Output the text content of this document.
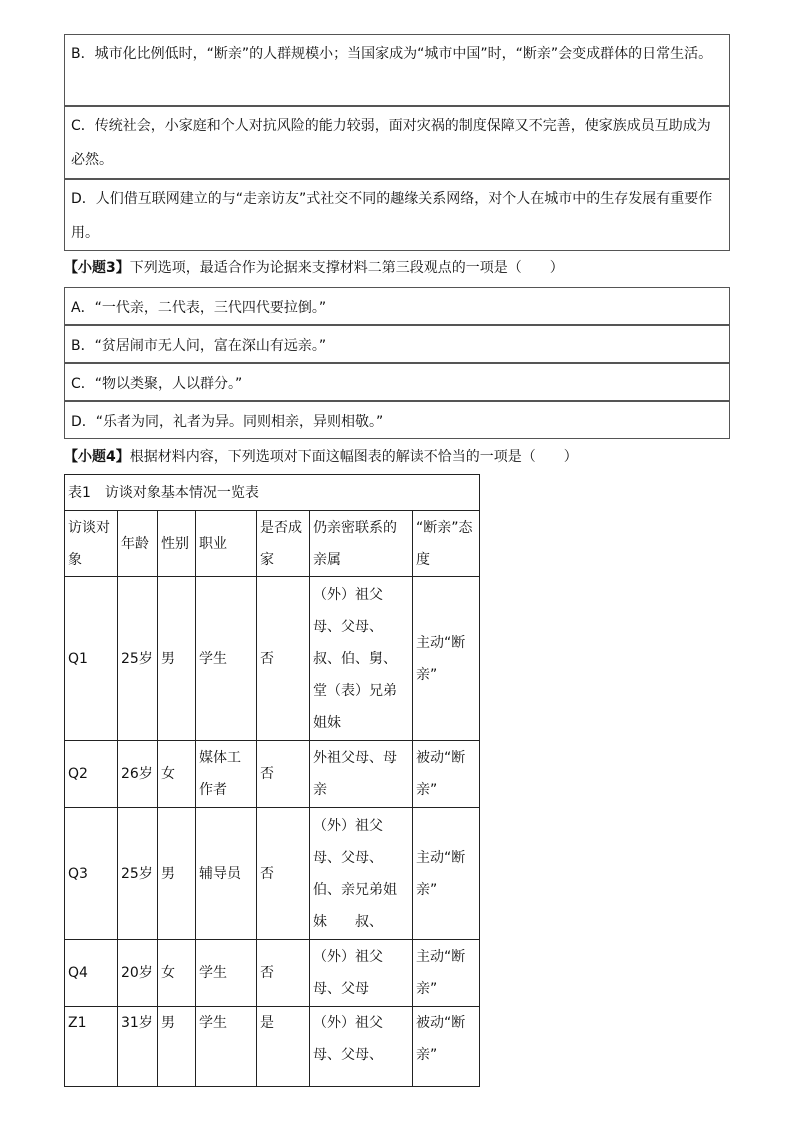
B．城市化比例低时，“断亲”的人群规模小；当国家成为“城市中国”时，“断亲”会变成群体的日常生活。
C．传统社会，小家庭和个人对抗风险的能力较弱，面对灾祸的制度保障又不完善，使家族成员互助成为必然。
D．人们借互联网建立的与“走亲访友”式社交不同的趣缘关系网络，对个人在城市中的生存发展有重要作用。
【小题3】下列选项，最适合作为论据来支撑材料二第三段观点的一项是（　　）
A．“一代亲，二代表，三代四代要拉倒。”
B．“贫居闹市无人问，富在深山有远亲。”
C．“物以类聚，人以群分。”
D．“乐者为同，礼者为异。同则相亲，异则相敬。”
【小题4】根据材料内容，下列选项对下面这幅图表的解读不恰当的一项是（　　）
表1　访谈对象基本情况一览表						
访谈对象	年龄	性别	职业	是否成家	仍亲密联系的亲属	“断亲”态度
Q1	25岁	男	学生	否	（外）祖父母、父母、叔、伯、舅、堂（表）兄弟姐妹	主动“断亲”
Q2	26岁	女	媒体工作者	否	外祖父母、母亲	被动“断亲”
Q3	25岁	男	辅导员	否	（外）祖父母、父母、伯、亲兄弟姐妹　　叔、	主动“断亲”
Q4	20岁	女	学生	否	（外）祖父母、父母	主动“断亲”
Z1	31岁	男	学生	是	（外）祖父母、父母、	被动“断亲”
